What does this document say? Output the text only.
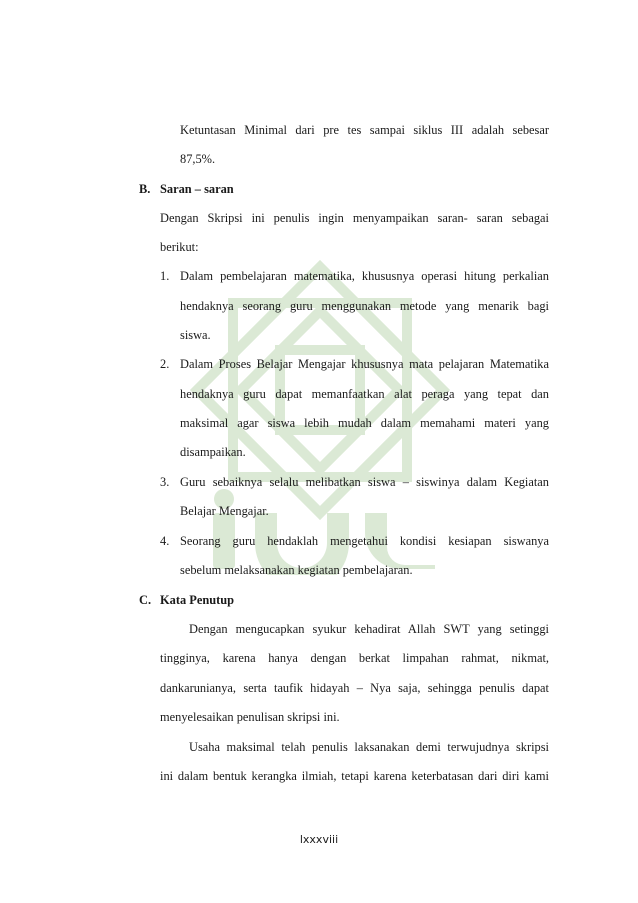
Ketuntasan Minimal dari pre tes sampai siklus III adalah sebesar
87,5%.
B. Saran – saran
Dengan Skripsi ini penulis ingin menyampaikan saran- saran sebagai
berikut:
1. Dalam pembelajaran matematika, khususnya operasi hitung perkalian
hendaknya seorang guru menggunakan metode yang menarik bagi
siswa.
2. Dalam Proses Belajar Mengajar khususnya mata pelajaran Matematika
hendaknya guru dapat memanfaatkan alat peraga yang tepat dan
maksimal agar siswa lebih mudah dalam memahami materi yang
disampaikan.
3. Guru sebaiknya selalu melibatkan siswa – siswinya dalam Kegiatan
Belajar Mengajar.
4. Seorang guru hendaklah mengetahui kondisi kesiapan siswanya
sebelum melaksanakan kegiatan pembelajaran.
C. Kata Penutup
Dengan mengucapkan syukur kehadirat Allah SWT yang setinggi
tingginya, karena hanya dengan berkat limpahan rahmat, nikmat,
dankarunianya, serta taufik hidayah – Nya saja, sehingga penulis dapat
menyelesaikan penulisan skripsi ini.
Usaha maksimal telah penulis laksanakan demi terwujudnya skripsi
ini dalam bentuk kerangka ilmiah, tetapi karena keterbatasan dari diri kami
lxxxviii
